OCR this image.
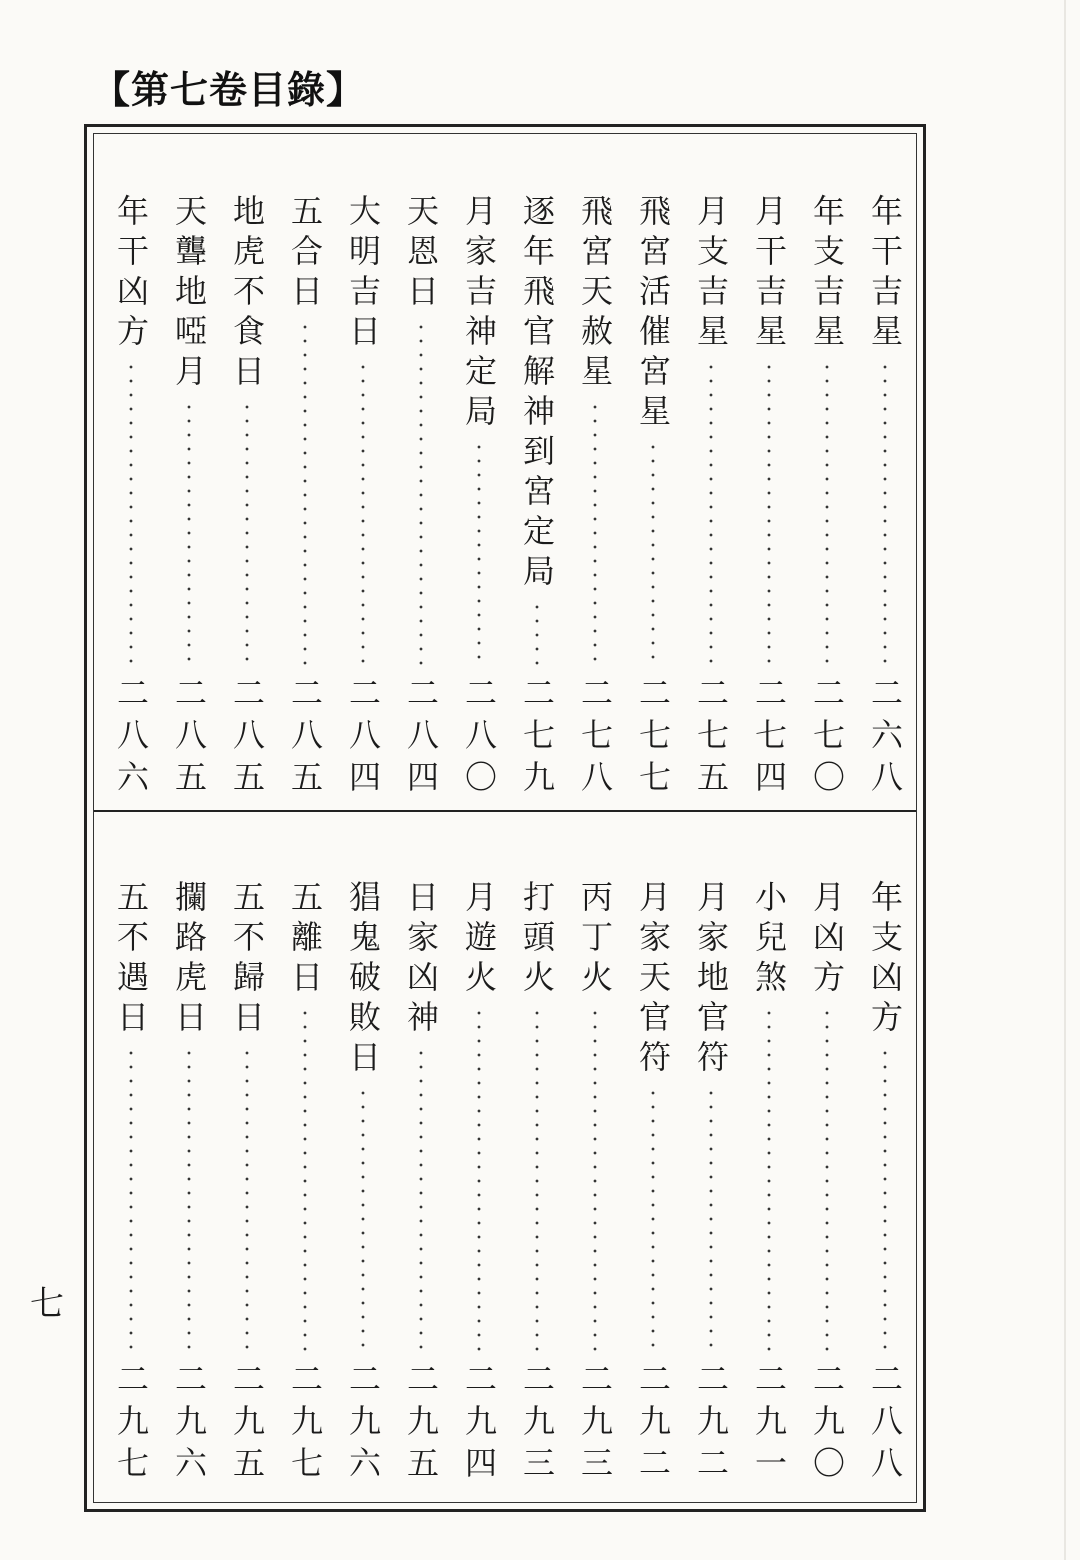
【第七卷目錄】
年干吉星
二六八
年支吉星
二七〇
月干吉星
二七四
月支吉星
二七五
飛宮活催宮星
二七七
飛宮天赦星
二七八
逐年飛官解神到宮定局
二七九
月家吉神定局
二八〇
天恩日
二八四
大明吉日
二八四
五合日
二八五
地虎不食日
二八五
天聾地啞月
二八五
年干凶方
二八六
年支凶方
二八八
月凶方
二九〇
小兒煞
二九一
月家地官符
二九二
月家天官符
二九二
丙丁火
二九三
打頭火
二九三
月遊火
二九四
日家凶神
二九五
猖鬼破敗日
二九六
五離日
二九七
五不歸日
二九五
攔路虎日
二九六
五不遇日
二九七
七
